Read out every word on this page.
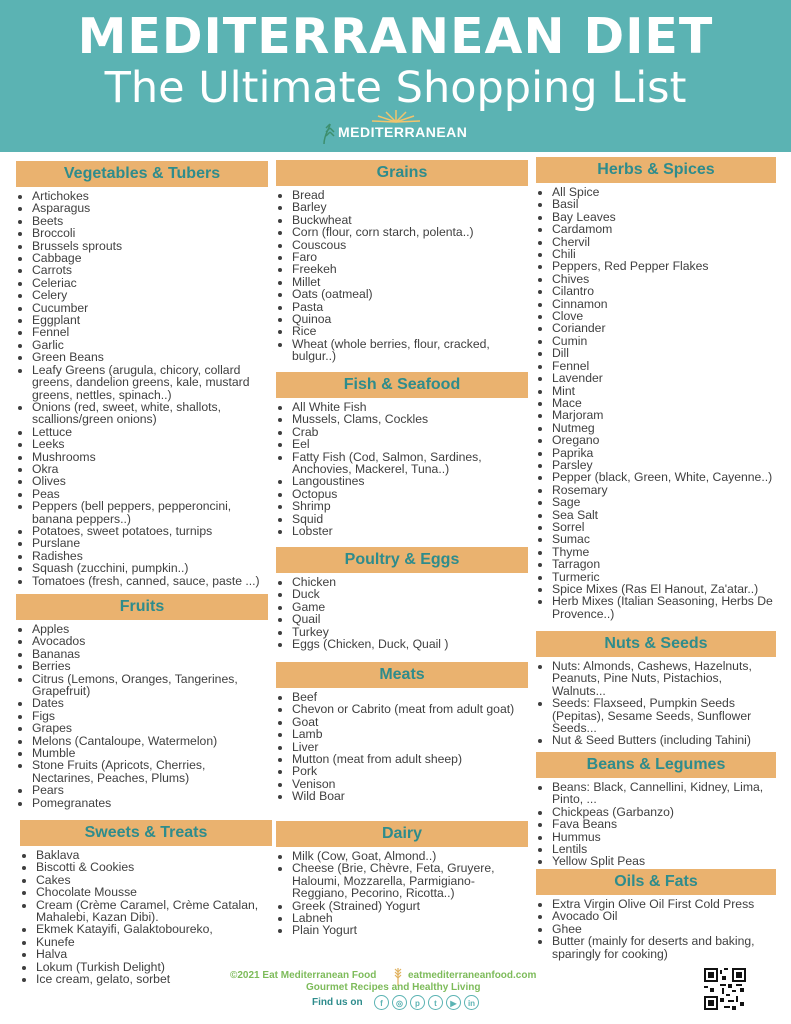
MEDITERRANEAN DIET
The Ultimate Shopping List
MEDITERRANEAN
Vegetables & Tubers
• Artichokes
• Asparagus
• Beets
• Broccoli
• Brussels sprouts
• Cabbage
• Carrots
• Celeriac
• Celery
• Cucumber
• Eggplant
• Fennel
• Garlic
• Green Beans
• Leafy Greens (arugula, chicory, collard greens, dandelion greens, kale, mustard greens, nettles, spinach..)
• Onions (red, sweet, white, shallots, scallions/green onions)
• Lettuce
• Leeks
• Mushrooms
• Okra
• Olives
• Peas
• Peppers (bell peppers, pepperoncini, banana peppers..)
• Potatoes, sweet potatoes, turnips
• Purslane
• Radishes
• Squash (zucchini, pumpkin..)
• Tomatoes (fresh, canned, sauce, paste ...)
Fruits
• Apples
• Avocados
• Bananas
• Berries
• Citrus (Lemons, Oranges, Tangerines, Grapefruit)
• Dates
• Figs
• Grapes
• Melons (Cantaloupe, Watermelon)
• Mumble
• Stone Fruits (Apricots, Cherries, Nectarines, Peaches, Plums)
• Pears
• Pomegranates
Sweets & Treats
• Baklava
• Biscotti & Cookies
• Cakes
• Chocolate Mousse
• Cream (Crème Caramel, Crème Catalan, Mahalebi, Kazan Dibi).
• Ekmek Katayifi, Galaktoboureko,
• Kunefe
• Halva
• Lokum (Turkish Delight)
• Ice cream, gelato, sorbet
Grains
• Bread
• Barley
• Buckwheat
• Corn (flour, corn starch, polenta..)
• Couscous
• Faro
• Freekeh
• Millet
• Oats (oatmeal)
• Pasta
• Quinoa
• Rice
• Wheat (whole berries, flour, cracked, bulgur..)
Fish & Seafood
• All White Fish
• Mussels, Clams, Cockles
• Crab
• Eel
• Fatty Fish (Cod, Salmon, Sardines, Anchovies, Mackerel, Tuna..)
• Langoustines
• Octopus
• Shrimp
• Squid
• Lobster
Poultry & Eggs
• Chicken
• Duck
• Game
• Quail
• Turkey
• Eggs (Chicken, Duck, Quail )
Meats
• Beef
• Chevon or Cabrito (meat from adult goat)
• Goat
• Lamb
• Liver
• Mutton (meat from adult sheep)
• Pork
• Venison
• Wild Boar
Dairy
• Milk (Cow, Goat, Almond..)
• Cheese (Brie, Chèvre, Feta, Gruyere, Haloumi, Mozzarella, Parmigiano-Reggiano, Pecorino, Ricotta..)
• Greek (Strained) Yogurt
• Labneh
• Plain Yogurt
Herbs & Spices
• All Spice
• Basil
• Bay Leaves
• Cardamom
• Chervil
• Chili
• Peppers, Red Pepper Flakes
• Chives
• Cilantro
• Cinnamon
• Clove
• Coriander
• Cumin
• Dill
• Fennel
• Lavender
• Mint
• Mace
• Marjoram
• Nutmeg
• Oregano
• Paprika
• Parsley
• Pepper (black, Green, White, Cayenne..)
• Rosemary
• Sage
• Sea Salt
• Sorrel
• Sumac
• Thyme
• Tarragon
• Turmeric
• Spice Mixes (Ras El Hanout, Za'atar..)
• Herb Mixes (Italian Seasoning, Herbs De Provence..)
Nuts & Seeds
• Nuts: Almonds, Cashews, Hazelnuts, Peanuts, Pine Nuts, Pistachios, Walnuts...
• Seeds: Flaxseed, Pumpkin Seeds (Pepitas), Sesame Seeds, Sunflower Seeds...
• Nut & Seed Butters (including Tahini)
Beans & Legumes
• Beans: Black, Cannellini, Kidney, Lima, Pinto, ...
• Chickpeas (Garbanzo)
• Fava Beans
• Hummus
• Lentils
• Yellow Split Peas
Oils & Fats
• Extra Virgin Olive Oil First Cold Press
• Avocado Oil
• Ghee
• Butter (mainly for deserts and baking, sparingly for cooking)
©2021 Eat Mediterranean Food	eatmediterraneanfood.com
Gourmet Recipes and Healthy Living
Find us on	f ◎ p t ▶ in
